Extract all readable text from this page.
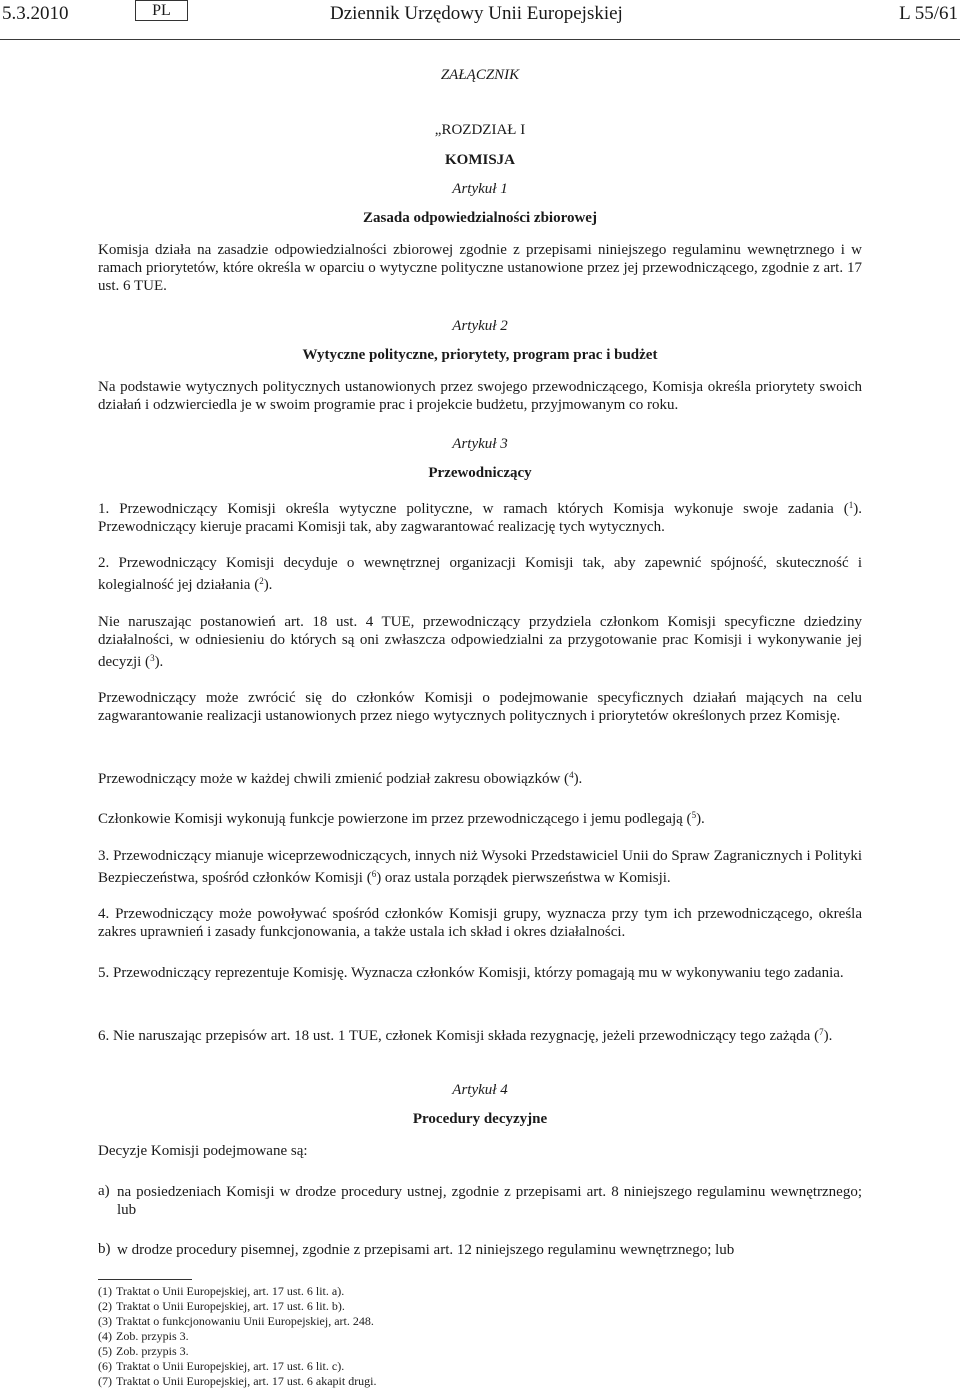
5.3.2010	PL	Dziennik Urzędowy Unii Europejskiej	L 55/61
ZAŁĄCZNIK
„ROZDZIAŁ I
KOMISJA
Artykuł 1
Zasada odpowiedzialności zbiorowej
Komisja działa na zasadzie odpowiedzialności zbiorowej zgodnie z przepisami niniejszego regulaminu wewnętrznego i w ramach priorytetów, które określa w oparciu o wytyczne polityczne ustanowione przez jej przewodniczącego, zgodnie z art. 17 ust. 6 TUE.
Artykuł 2
Wytyczne polityczne, priorytety, program prac i budżet
Na podstawie wytycznych politycznych ustanowionych przez swojego przewodniczącego, Komisja określa priorytety swoich działań i odzwierciedla je w swoim programie prac i projekcie budżetu, przyjmowanym co roku.
Artykuł 3
Przewodniczący
1. Przewodniczący Komisji określa wytyczne polityczne, w ramach których Komisja wykonuje swoje zadania ($^1$). Przewodniczący kieruje pracami Komisji tak, aby zagwarantować realizację tych wytycznych.
2. Przewodniczący Komisji decyduje o wewnętrznej organizacji Komisji tak, aby zapewnić spójność, skuteczność i kolegialność jej działania ($^2$).
Nie naruszając postanowień art. 18 ust. 4 TUE, przewodniczący przydziela członkom Komisji specyficzne dziedziny działalności, w odniesieniu do których są oni zwłaszcza odpowiedzialni za przygotowanie prac Komisji i wykonywanie jej decyzji ($^3$).
Przewodniczący może zwrócić się do członków Komisji o podejmowanie specyficznych działań mających na celu zagwarantowanie realizacji ustanowionych przez niego wytycznych politycznych i priorytetów określonych przez Komisję.
Przewodniczący może w każdej chwili zmienić podział zakresu obowiązków ($^4$).
Członkowie Komisji wykonują funkcje powierzone im przez przewodniczącego i jemu podlegają ($^5$).
3. Przewodniczący mianuje wiceprzewodniczących, innych niż Wysoki Przedstawiciel Unii do Spraw Zagranicznych i Polityki Bezpieczeństwa, spośród członków Komisji ($^6$) oraz ustala porządek pierwszeństwa w Komisji.
4. Przewodniczący może powoływać spośród członków Komisji grupy, wyznacza przy tym ich przewodniczącego, określa zakres uprawnień i zasady funkcjonowania, a także ustala ich skład i okres działalności.
5. Przewodniczący reprezentuje Komisję. Wyznacza członków Komisji, którzy pomagają mu w wykonywaniu tego zadania.
6. Nie naruszając przepisów art. 18 ust. 1 TUE, członek Komisji składa rezygnację, jeżeli przewodniczący tego zażąda ($^7$).
Artykuł 4
Procedury decyzyjne
Decyzje Komisji podejmowane są:
a) na posiedzeniach Komisji w drodze procedury ustnej, zgodnie z przepisami art. 8 niniejszego regulaminu wewnętrznego; lub
b) w drodze procedury pisemnej, zgodnie z przepisami art. 12 niniejszego regulaminu wewnętrznego; lub
(1) Traktat o Unii Europejskiej, art. 17 ust. 6 lit. a).
(2) Traktat o Unii Europejskiej, art. 17 ust. 6 lit. b).
(3) Traktat o funkcjonowaniu Unii Europejskiej, art. 248.
(4) Zob. przypis 3.
(5) Zob. przypis 3.
(6) Traktat o Unii Europejskiej, art. 17 ust. 6 lit. c).
(7) Traktat o Unii Europejskiej, art. 17 ust. 6 akapit drugi.
